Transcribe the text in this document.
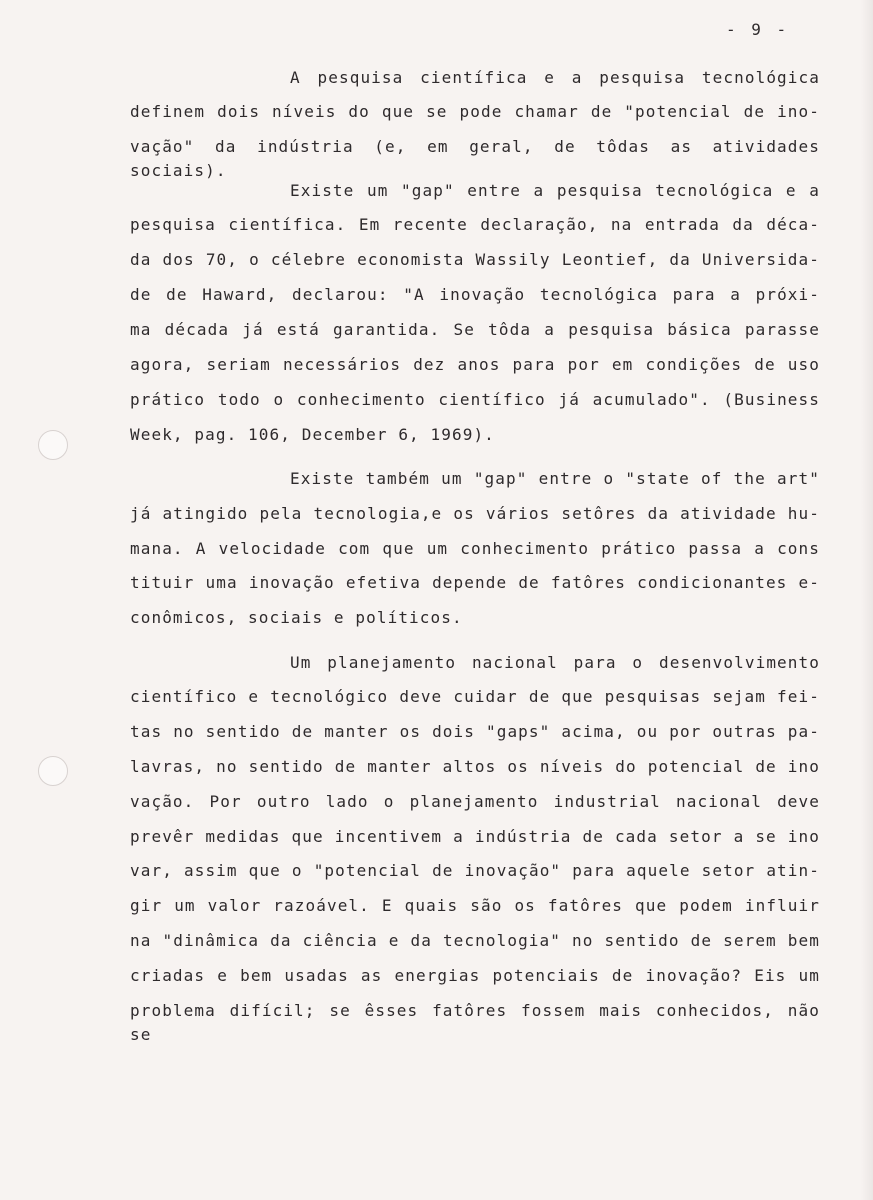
- 9 -
A pesquisa científica e a pesquisa tecnológica
definem dois níveis do que se pode chamar de "potencial de ino-
vação" da indústria (e, em geral, de tôdas as atividades sociais).
Existe um "gap" entre a pesquisa tecnológica e a
pesquisa científica. Em recente declaração, na entrada da déca-
da dos 70, o célebre economista Wassily Leontief, da Universida-
de de Haward, declarou: "A inovação tecnológica para a próxi-
ma década já está garantida. Se tôda a pesquisa básica parasse
agora, seriam necessários dez anos para por em condições de uso
prático todo o conhecimento científico já acumulado". (Business
Week, pag. 106, December 6, 1969).
Existe também um "gap" entre o "state of the art"
já atingido pela tecnologia,e os vários setôres da atividade hu-
mana. A velocidade com que um conhecimento prático passa a cons
tituir uma inovação efetiva depende de fatôres condicionantes e-
conômicos, sociais e políticos.
Um planejamento nacional para o desenvolvimento
científico e tecnológico deve cuidar de que pesquisas sejam fei-
tas no sentido de manter os dois "gaps" acima, ou por outras pa-
lavras, no sentido de manter altos os níveis do potencial de ino
vação. Por outro lado o planejamento industrial nacional deve
prevêr medidas que incentivem a indústria de cada setor a se ino
var, assim que o "potencial de inovação" para aquele setor atin-
gir um valor razoável. E quais são os fatôres que podem influir
na "dinâmica da ciência e da tecnologia" no sentido de serem bem
criadas e bem usadas as energias potenciais de inovação? Eis um
problema difícil; se êsses fatôres fossem mais conhecidos, não se
